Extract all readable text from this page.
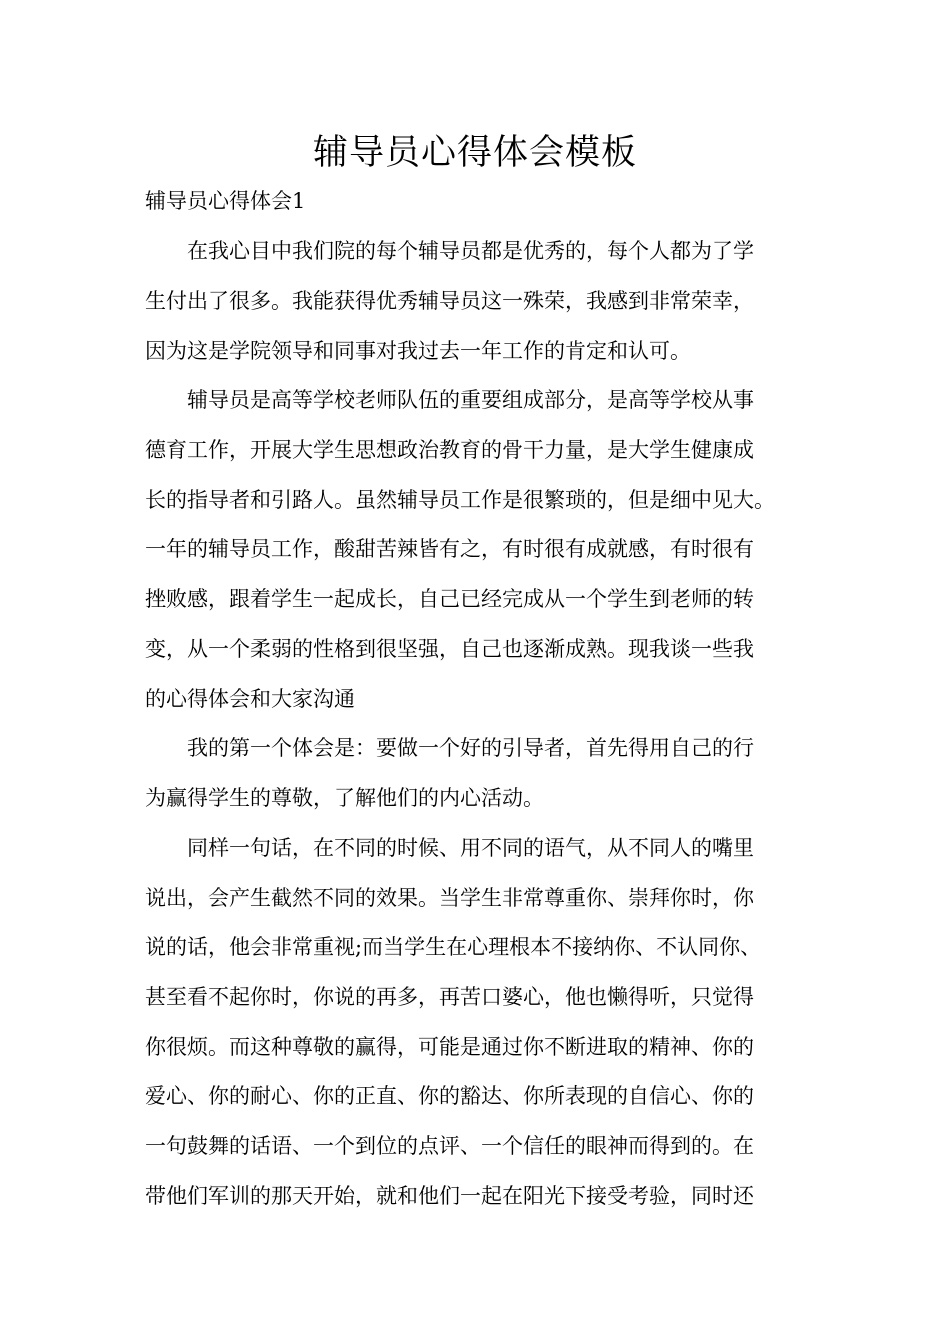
辅导员心得体会模板
辅导员心得体会1
　　在我心目中我们院的每个辅导员都是优秀的，每个人都为了学
生付出了很多。我能获得优秀辅导员这一殊荣，我感到非常荣幸，
因为这是学院领导和同事对我过去一年工作的肯定和认可。
　　辅导员是高等学校老师队伍的重要组成部分，是高等学校从事
德育工作，开展大学生思想政治教育的骨干力量，是大学生健康成
长的指导者和引路人。虽然辅导员工作是很繁琐的，但是细中见大。
一年的辅导员工作，酸甜苦辣皆有之，有时很有成就感，有时很有
挫败感，跟着学生一起成长，自己已经完成从一个学生到老师的转
变，从一个柔弱的性格到很坚强，自己也逐渐成熟。现我谈一些我
的心得体会和大家沟通
　　我的第一个体会是：要做一个好的引导者，首先得用自己的行
为赢得学生的尊敬，了解他们的内心活动。
　　同样一句话，在不同的时候、用不同的语气，从不同人的嘴里
说出，会产生截然不同的效果。当学生非常尊重你、崇拜你时，你
说的话，他会非常重视;而当学生在心理根本不接纳你、不认同你、
甚至看不起你时，你说的再多，再苦口婆心，他也懒得听，只觉得
你很烦。而这种尊敬的赢得，可能是通过你不断进取的精神、你的
爱心、你的耐心、你的正直、你的豁达、你所表现的自信心、你的
一句鼓舞的话语、一个到位的点评、一个信任的眼神而得到的。在
带他们军训的那天开始，就和他们一起在阳光下接受考验，同时还
